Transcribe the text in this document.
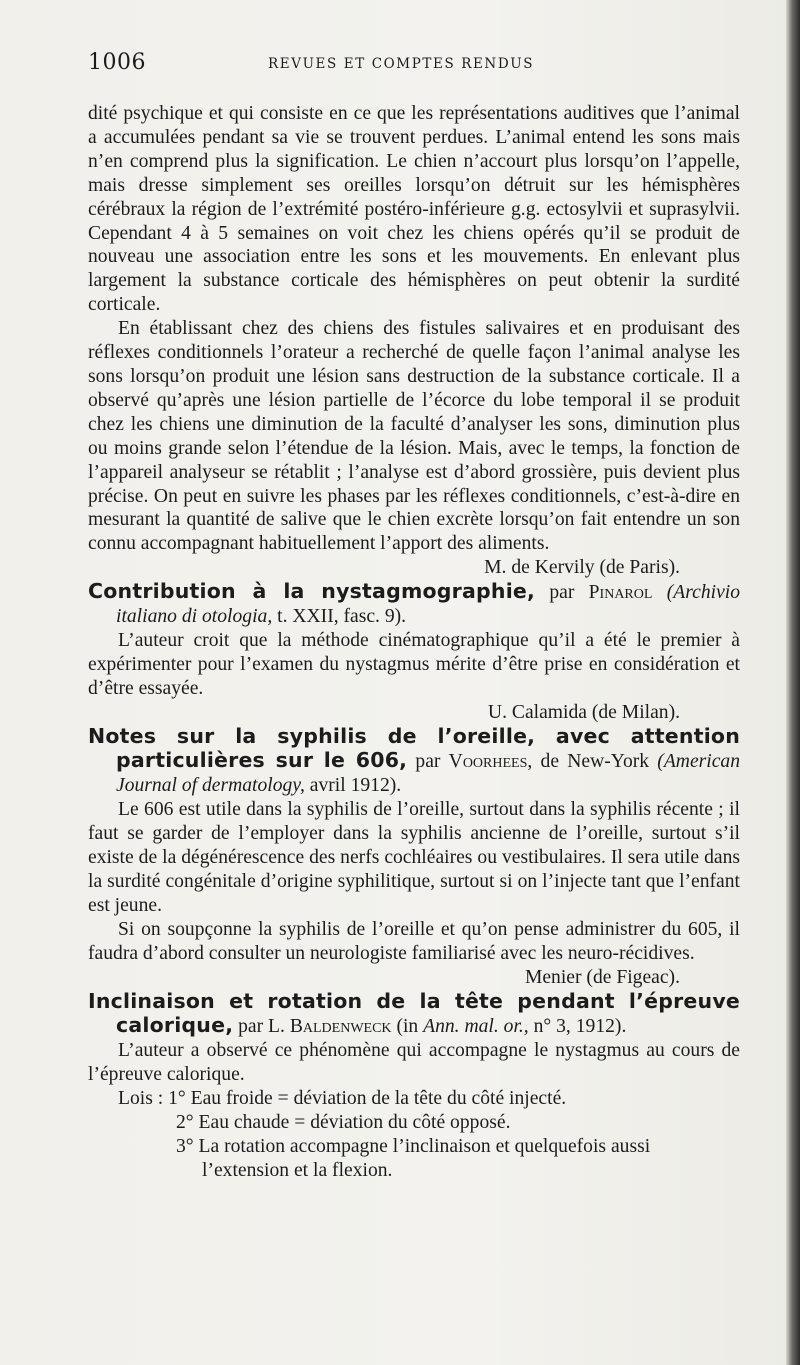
1006	REVUES ET COMPTES RENDUS

dité psychique et qui consiste en ce que les représentations auditives que l’animal a accumulées pendant sa vie se trouvent perdues. L’animal entend les sons mais n’en comprend plus la signification. Le chien n’accourt plus lorsqu’on l’appelle, mais dresse simplement ses oreilles lorsqu’on détruit sur les hémisphères cérébraux la région de l’extrémité postéro-inférieure g.g. ectosylvii et suprasylvii. Cependant 4 à 5 semaines on voit chez les chiens opérés qu’il se produit de nouveau une association entre les sons et les mouvements. En enlevant plus largement la substance corticale des hémisphères on peut obtenir la surdité corticale.

En établissant chez des chiens des fistules salivaires et en produisant des réflexes conditionnels l’orateur a recherché de quelle façon l’animal analyse les sons lorsqu’on produit une lésion sans destruction de la substance corticale. Il a observé qu’après une lésion partielle de l’écorce du lobe temporal il se produit chez les chiens une diminution de la faculté d’analyser les sons, diminution plus ou moins grande selon l’étendue de la lésion. Mais, avec le temps, la fonction de l’appareil analyseur se rétablit ; l’analyse est d’abord grossière, puis devient plus précise. On peut en suivre les phases par les réflexes conditionnels, c’est-à-dire en mesurant la quantité de salive que le chien excrète lorsqu’on fait entendre un son connu accompagnant habituellement l’apport des aliments.

M. de Kervily (de Paris).

Contribution à la nystagmographie, par Pinarol (Archivio italiano di otologia, t. XXII, fasc. 9).

L’auteur croit que la méthode cinématographique qu’il a été le premier à expérimenter pour l’examen du nystagmus mérite d’être prise en considération et d’être essayée.

U. Calamida (de Milan).

Notes sur la syphilis de l’oreille, avec attention particulières sur le 606, par Voorhees, de New-York (American Journal of dermatology, avril 1912).

Le 606 est utile dans la syphilis de l’oreille, surtout dans la syphilis récente ; il faut se garder de l’employer dans la syphilis ancienne de l’oreille, surtout s’il existe de la dégénérescence des nerfs cochléaires ou vestibulaires. Il sera utile dans la surdité congénitale d’origine syphilitique, surtout si on l’injecte tant que l’enfant est jeune.

Si on soupçonne la syphilis de l’oreille et qu’on pense administrer du 605, il faudra d’abord consulter un neurologiste familiarisé avec les neuro-récidives.

Menier (de Figeac).

Inclinaison et rotation de la tête pendant l’épreuve calorique, par L. Baldenweck (in Ann. mal. or., n° 3, 1912).

L’auteur a observé ce phénomène qui accompagne le nystagmus au cours de l’épreuve calorique.

Lois : 1° Eau froide = déviation de la tête du côté injecté.

2° Eau chaude = déviation du côté opposé.

3° La rotation accompagne l’inclinaison et quelquefois aussi

l’extension et la flexion.
